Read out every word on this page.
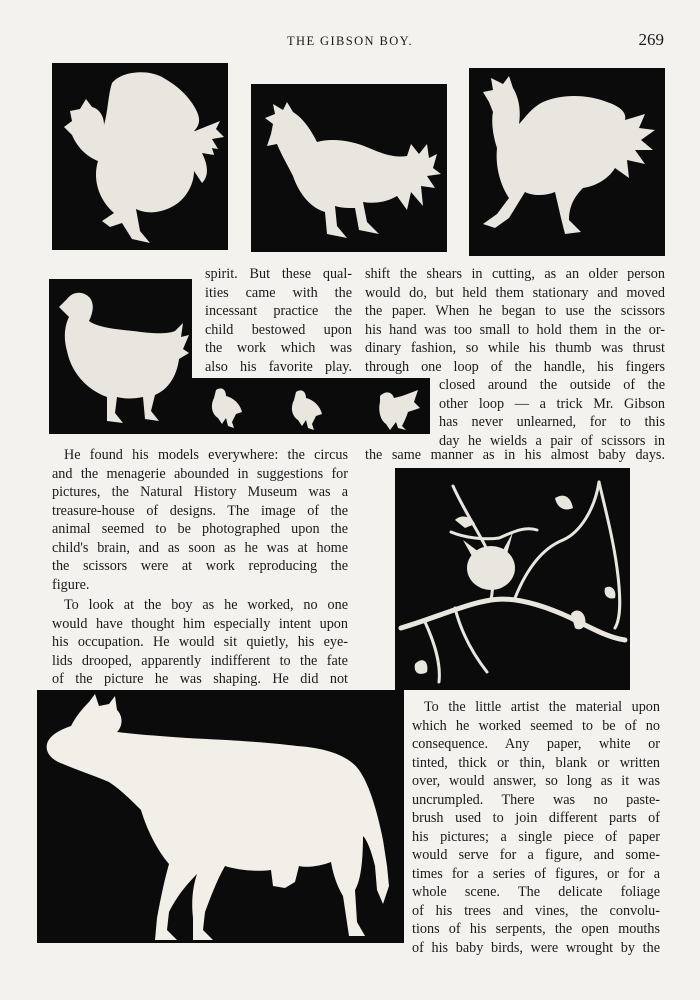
THE GIBSON BOY.	269
spirit. But these qual-
ities came with the
incessant practice the
child bestowed upon
the work which was
also his favorite play.
shift the shears in cutting, as an older person
would do, but held them stationary and moved
the paper. When he began to use the scissors
his hand was too small to hold them in the or-
dinary fashion, so while his thumb was thrust
through one loop of the handle, his fingers
closed around the outside of the
other loop — a trick Mr. Gibson
has never unlearned, for to this
day he wields a pair of scissors in
the same manner as in his almost baby days.
He found his models everywhere: the circus
and the menagerie abounded in suggestions for
pictures, the Natural History Museum was a
treasure-house of designs. The image of the
animal seemed to be photographed upon the
child's brain, and as soon as he was at home
the scissors were at work reproducing the
figure.
To look at the boy as he worked, no one
would have thought him especially intent upon
his occupation. He would sit quietly, his eye-
lids drooped, apparently indifferent to the fate
of the picture he was shaping. He did not
To the little artist the material upon
which he worked seemed to be of no
consequence. Any paper, white or
tinted, thick or thin, blank or written
over, would answer, so long as it was
uncrumpled. There was no paste-
brush used to join different parts of
his pictures; a single piece of paper
would serve for a figure, and some-
times for a series of figures, or for a
whole scene. The delicate foliage
of his trees and vines, the convolu-
tions of his serpents, the open mouths
of his baby birds, were wrought by the
